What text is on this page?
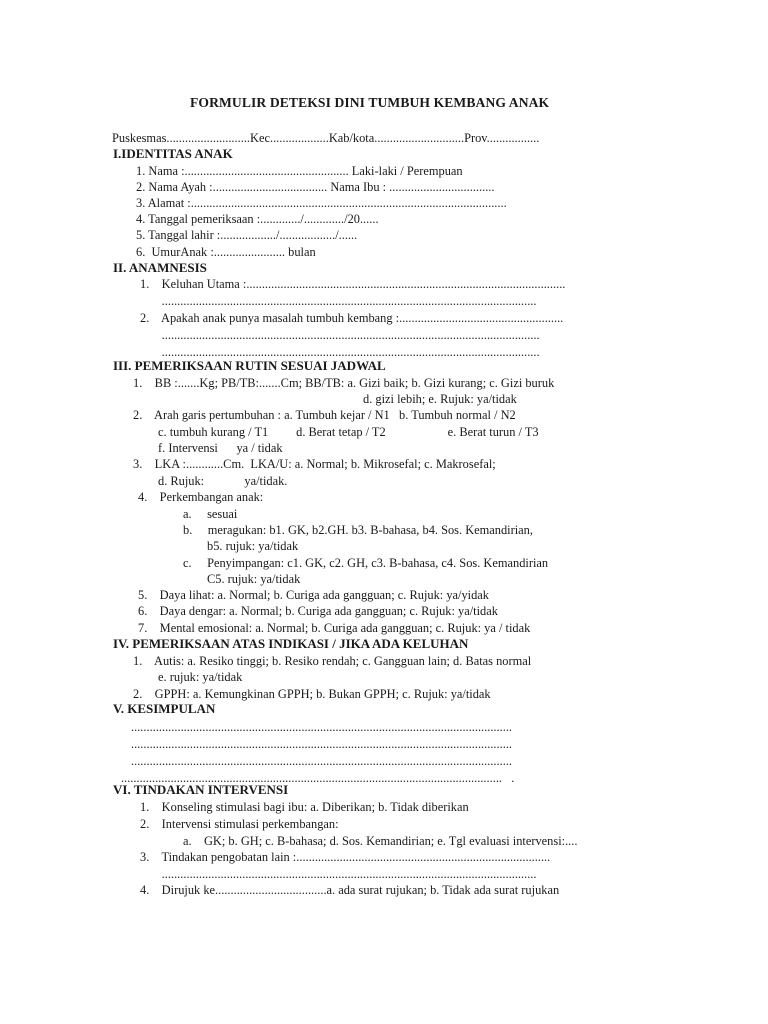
FORMULIR DETEKSI DINI TUMBUH KEMBANG ANAK
Puskesmas...........................Kec...................Kab/kota.............................Prov.................
I.IDENTITAS ANAK
1. Nama :..................................................... Laki-laki / Perempuan
2. Nama Ayah :..................................... Nama Ibu : ..................................
3. Alamat :......................................................................................................
4. Tanggal pemeriksaan :............./............./20......
5. Tanggal lahir :................../................../......
6.  UmurAnak :....................... bulan
II. ANAMNESIS
1.    Keluhan Utama :.......................................................................................................
.........................................................................................................................
2.    Apakah anak punya masalah tumbuh kembang :.....................................................
..........................................................................................................................
..........................................................................................................................
III. PEMERIKSAAN RUTIN SESUAI JADWAL
1.    BB :.......Kg; PB/TB:.......Cm; BB/TB: a. Gizi baik; b. Gizi kurang; c. Gizi buruk
d. gizi lebih; e. Rujuk: ya/tidak
2.    Arah garis pertumbuhan : a. Tumbuh kejar / N1   b. Tumbuh normal / N2
c. tumbuh kurang / T1         d. Berat tetap / T2                    e. Berat turun / T3
f. Intervensi      ya / tidak
3.    LKA :............Cm.  LKA/U: a. Normal; b. Mikrosefal; c. Makrosefal;
d. Rujuk:             ya/tidak.
4.    Perkembangan anak:
a.     sesuai
b.     meragukan: b1. GK, b2.GH. b3. B-bahasa, b4. Sos. Kemandirian,
b5. rujuk: ya/tidak
c.     Penyimpangan: c1. GK, c2. GH, c3. B-bahasa, c4. Sos. Kemandirian
C5. rujuk: ya/tidak
5.    Daya lihat: a. Normal; b. Curiga ada gangguan; c. Rujuk: ya/yidak
6.    Daya dengar: a. Normal; b. Curiga ada gangguan; c. Rujuk: ya/tidak
7.    Mental emosional: a. Normal; b. Curiga ada gangguan; c. Rujuk: ya / tidak
IV. PEMERIKSAAN ATAS INDIKASI / JIKA ADA KELUHAN
1.    Autis: a. Resiko tinggi; b. Resiko rendah; c. Gangguan lain; d. Batas normal
e. rujuk: ya/tidak
2.    GPPH: a. Kemungkinan GPPH; b. Bukan GPPH; c. Rujuk: ya/tidak
V. KESIMPULAN
...........................................................................................................................
...........................................................................................................................
...........................................................................................................................
...........................................................................................................................   .
VI. TINDAKAN INTERVENSI
1.    Konseling stimulasi bagi ibu: a. Diberikan; b. Tidak diberikan
2.    Intervensi stimulasi perkembangan:
a.    GK; b. GH; c. B-bahasa; d. Sos. Kemandirian; e. Tgl evaluasi intervensi:....
3.    Tindakan pengobatan lain :..................................................................................
.........................................................................................................................
4.    Dirujuk ke....................................a. ada surat rujukan; b. Tidak ada surat rujukan
